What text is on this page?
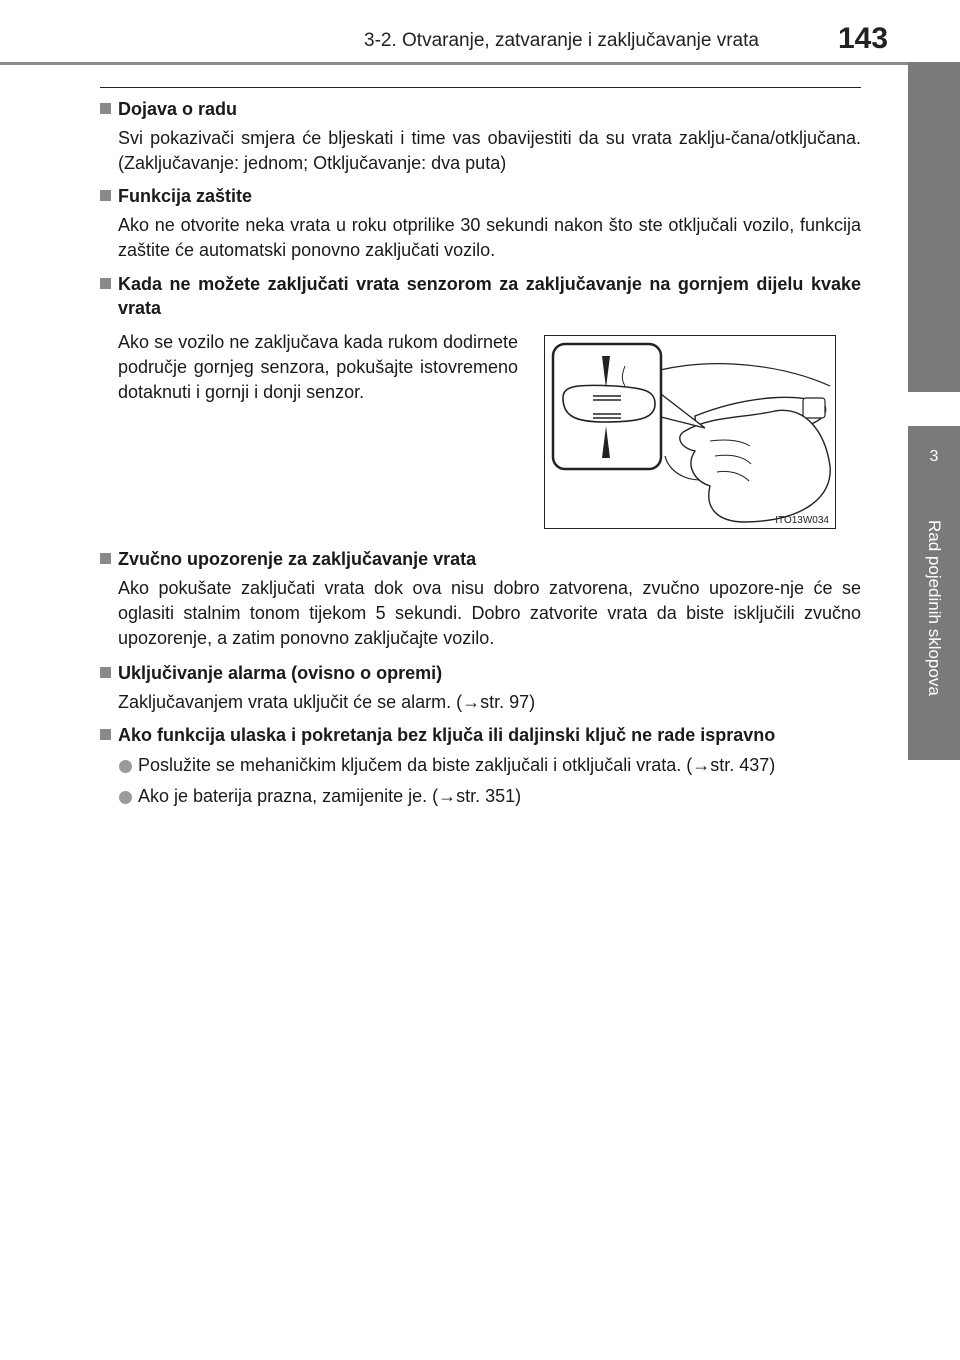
3-2. Otvaranje, zatvaranje i zaključavanje vrata	143
3
Rad pojedinih sklopova
Dojava o radu
Svi pokazivači smjera će bljeskati i time vas obavijestiti da su vrata zaklju-čana/otključana. (Zaključavanje: jednom; Otključavanje: dva puta)
Funkcija zaštite
Ako ne otvorite neka vrata u roku otprilike 30 sekundi nakon što ste otključali vozilo, funkcija zaštite će automatski ponovno zaključati vozilo.
Kada ne možete zaključati vrata senzorom za zaključavanje na gornjem dijelu kvake vrata
Ako se vozilo ne zaključava kada rukom dodirnete područje gornjeg senzora, pokušajte istovremeno dotaknuti i gornji i donji senzor.
ITO13W034
Zvučno upozorenje za zaključavanje vrata
Ako pokušate zaključati vrata dok ova nisu dobro zatvorena, zvučno upozore-nje će se oglasiti stalnim tonom tijekom 5 sekundi. Dobro zatvorite vrata da biste isključili zvučno upozorenje, a zatim ponovno zaključajte vozilo.
Uključivanje alarma (ovisno o opremi)
Zaključavanjem vrata uključit će se alarm. (→str. 97)
Ako funkcija ulaska i pokretanja bez ključa ili daljinski ključ ne rade ispravno
Poslužite se mehaničkim ključem da biste zaključali i otključali vrata. (→str. 437)
Ako je baterija prazna, zamijenite je. (→str. 351)
